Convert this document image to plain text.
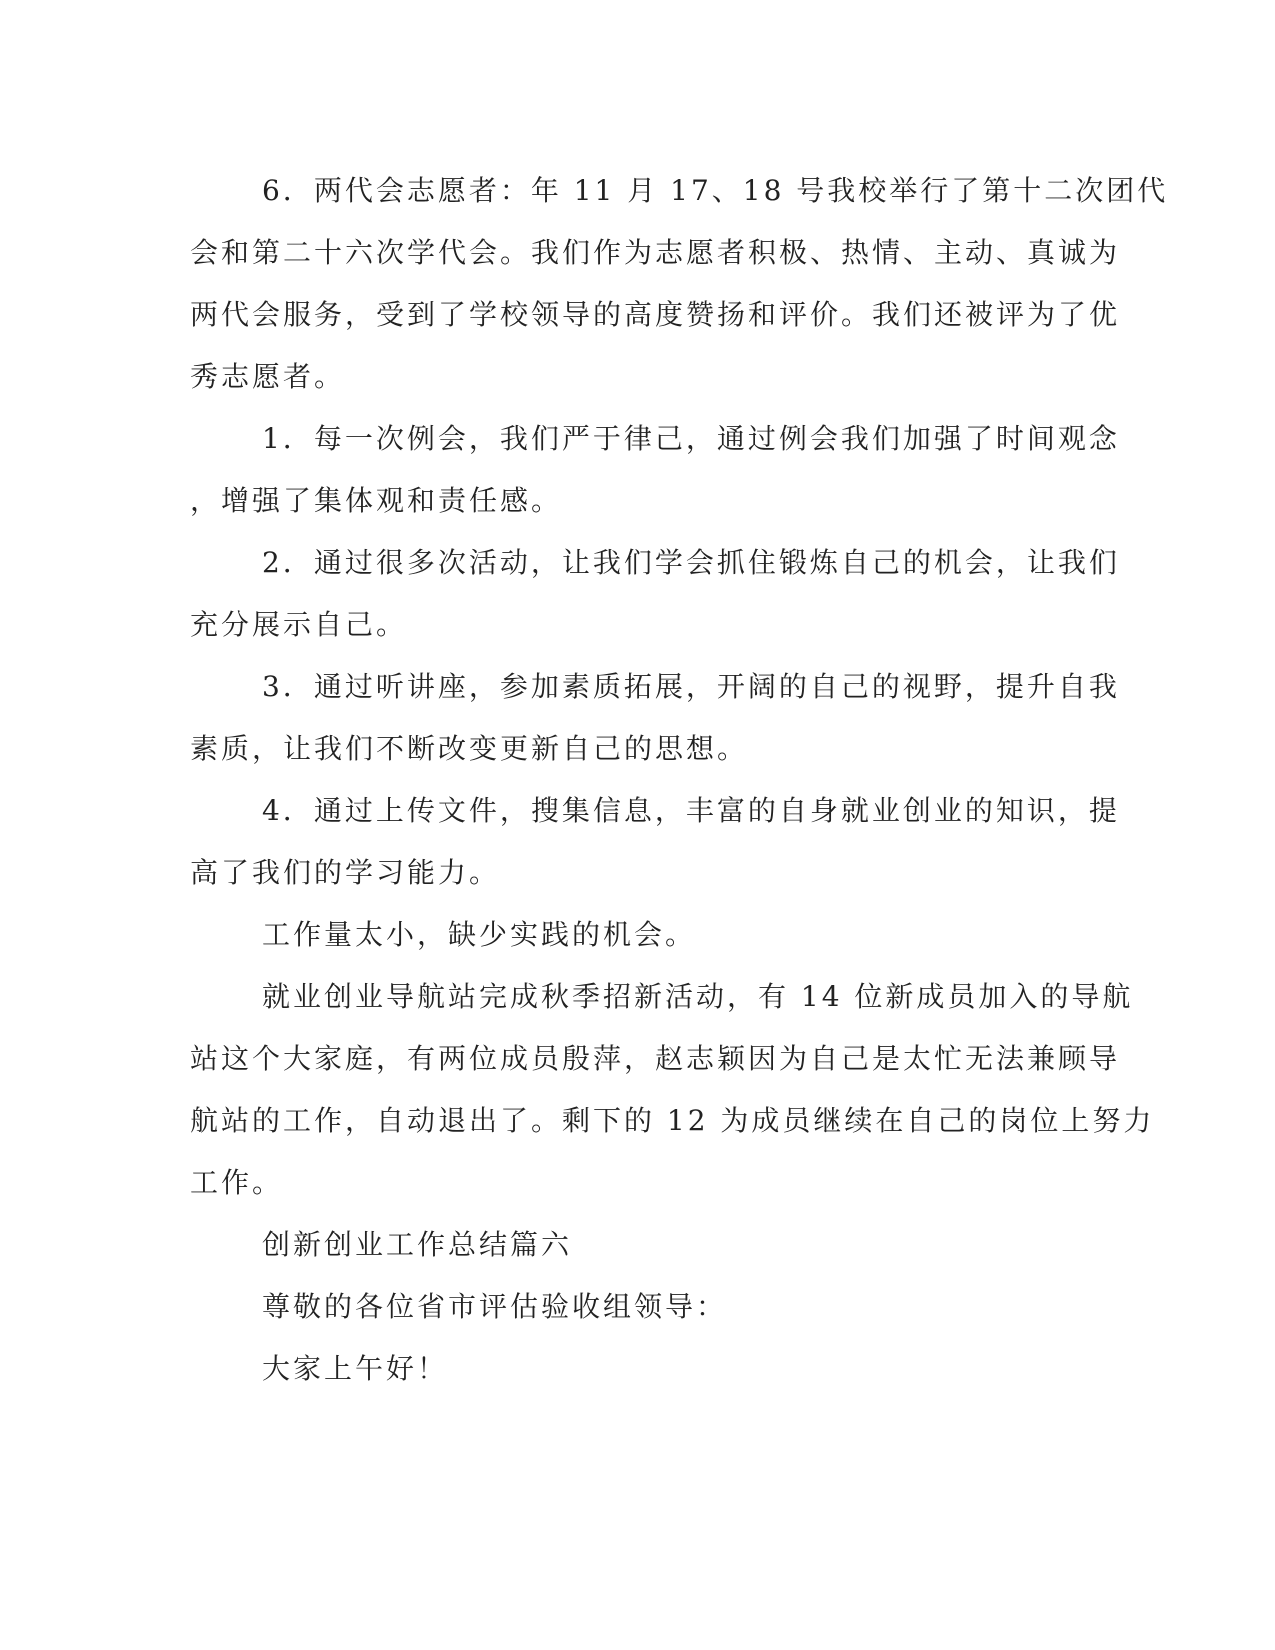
6．两代会志愿者：年 11 月 17、18 号我校举行了第十二次团代
会和第二十六次学代会。我们作为志愿者积极、热情、主动、真诚为
两代会服务，受到了学校领导的高度赞扬和评价。我们还被评为了优
秀志愿者。
1．每一次例会，我们严于律己，通过例会我们加强了时间观念
，增强了集体观和责任感。
2．通过很多次活动，让我们学会抓住锻炼自己的机会，让我们
充分展示自己。
3．通过听讲座，参加素质拓展，开阔的自己的视野，提升自我
素质，让我们不断改变更新自己的思想。
4．通过上传文件，搜集信息，丰富的自身就业创业的知识，提
高了我们的学习能力。
工作量太小，缺少实践的机会。
就业创业导航站完成秋季招新活动，有 14 位新成员加入的导航
站这个大家庭，有两位成员殷萍，赵志颖因为自己是太忙无法兼顾导
航站的工作，自动退出了。剩下的 12 为成员继续在自己的岗位上努力
工作。
创新创业工作总结篇六
尊敬的各位省市评估验收组领导：
大家上午好！
